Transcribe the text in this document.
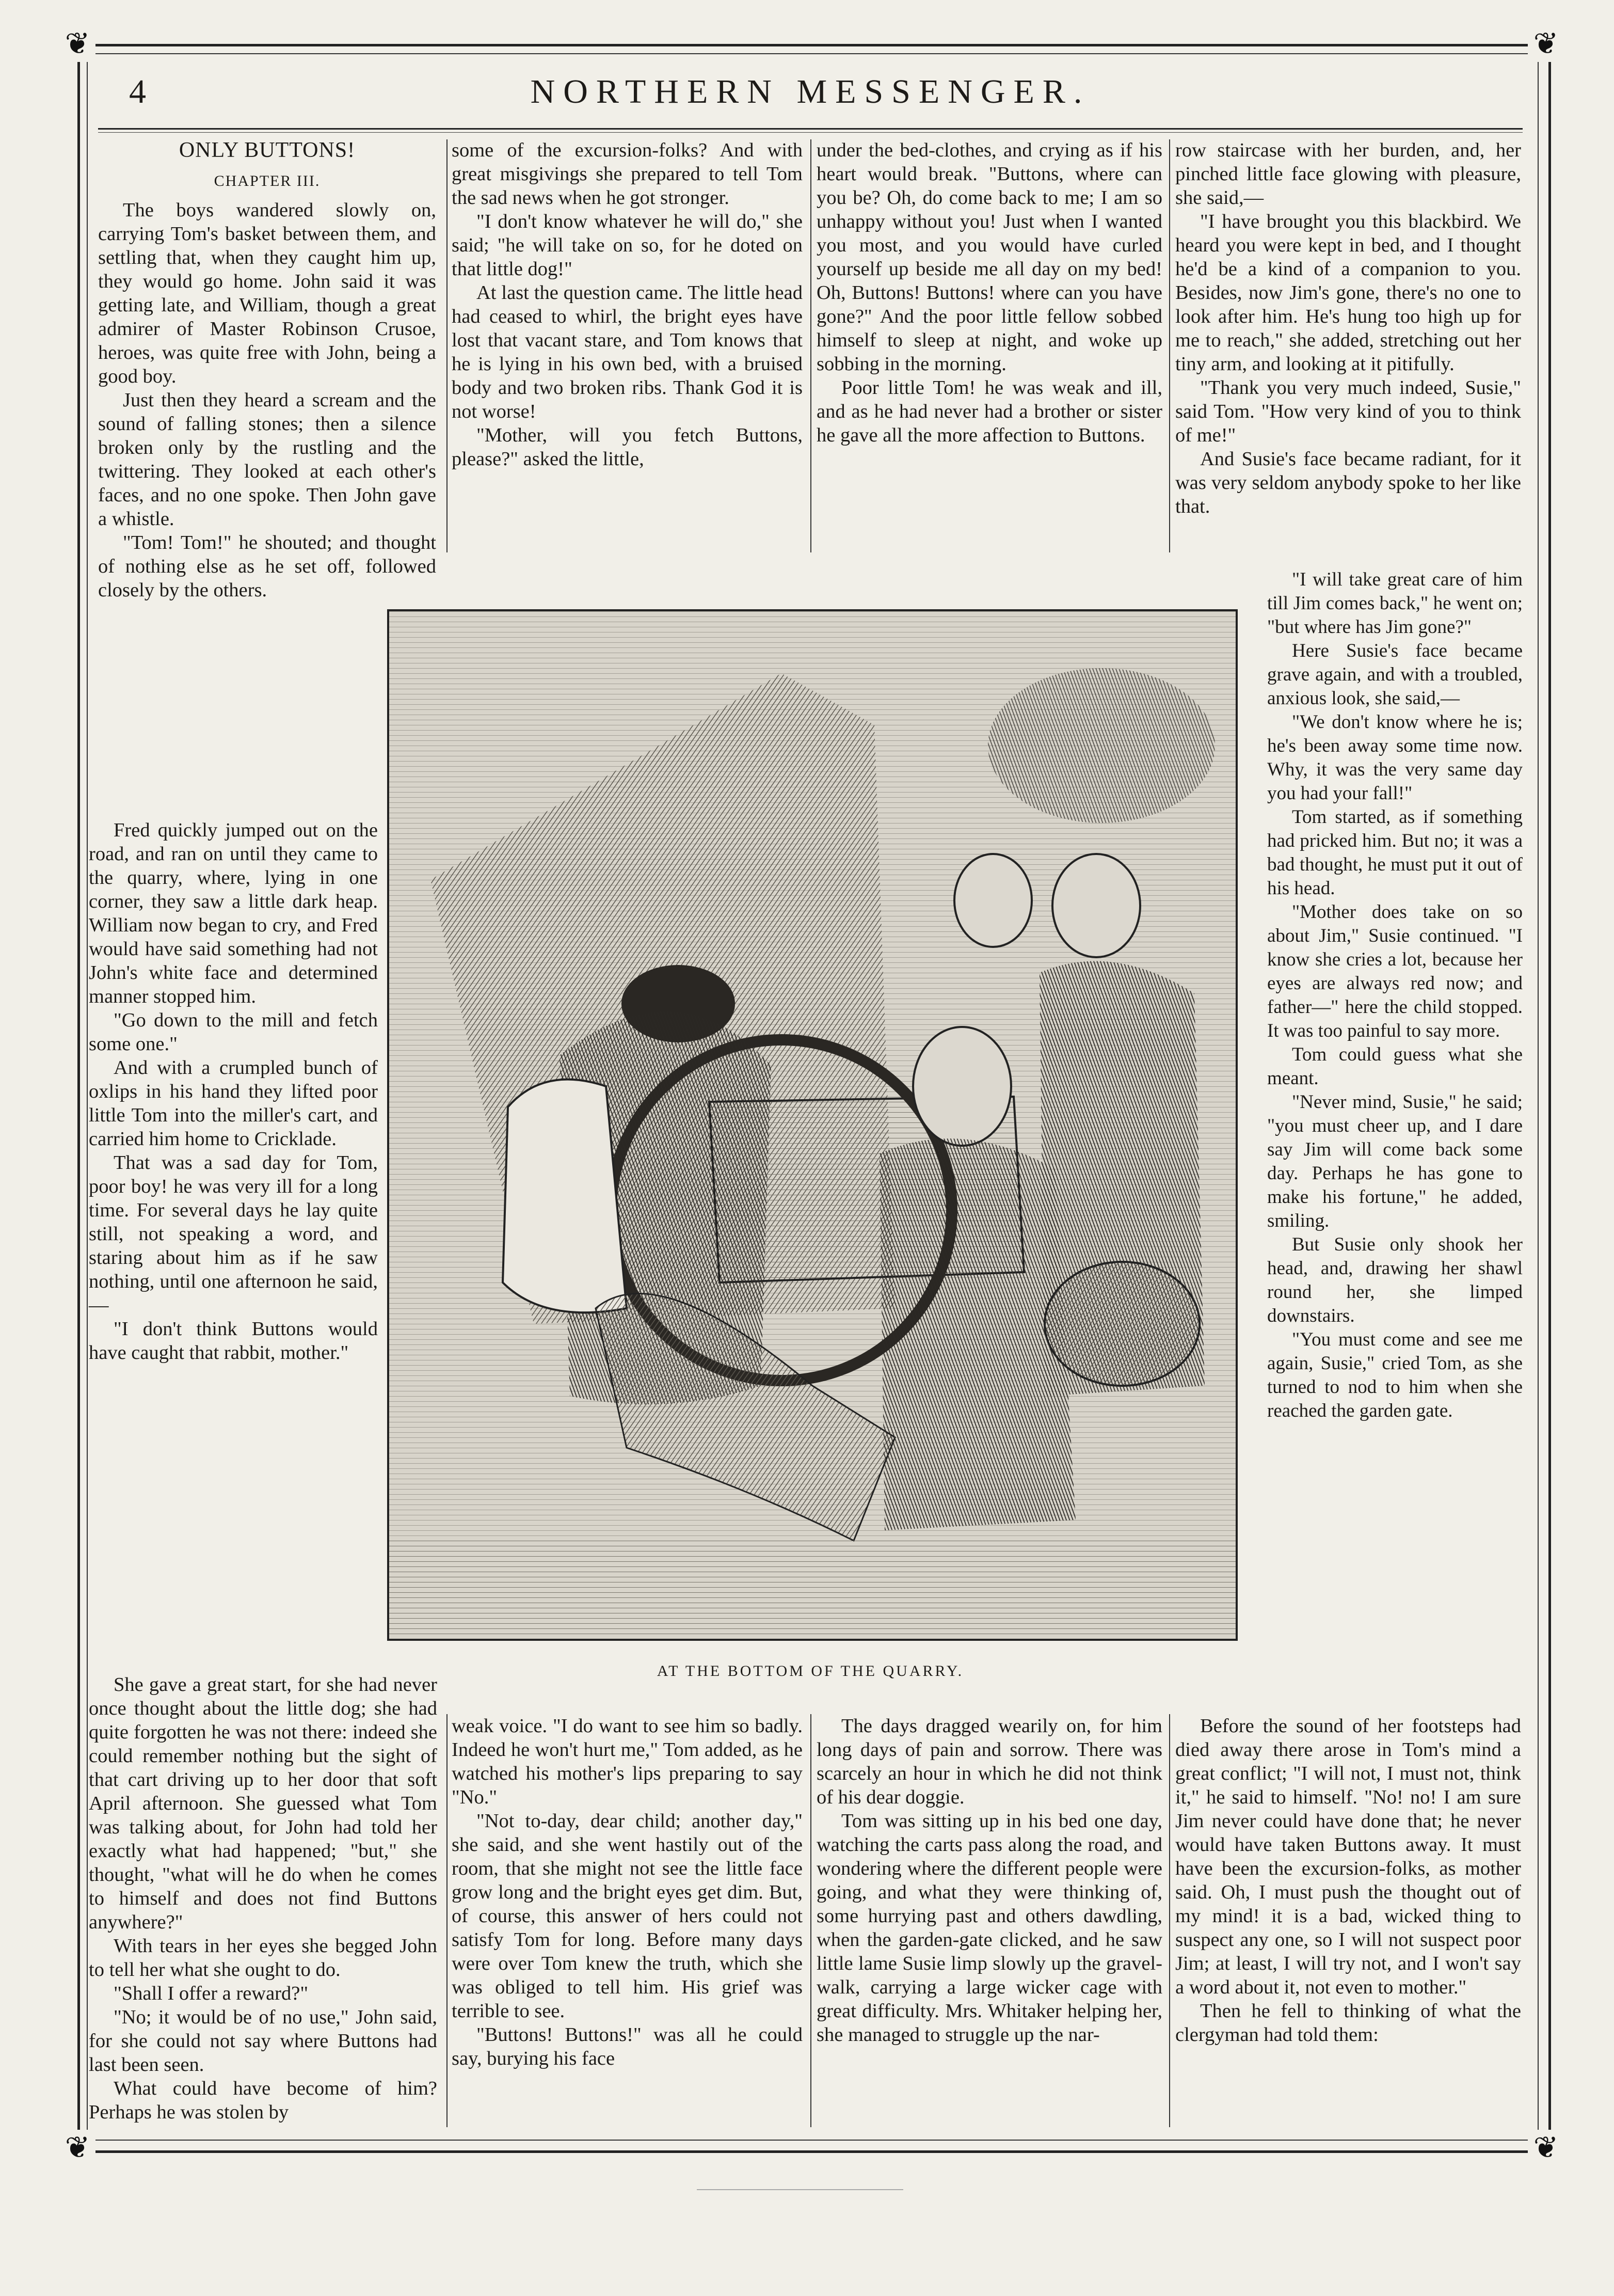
❦	❦
❦	❦
4	NORTHERN MESSENGER.

ONLY BUTTONS!

CHAPTER III.

The boys wandered slowly on, carrying Tom's basket between them, and settling that, when they caught him up, they would go home. John said it was getting late, and William, though a great admirer of Master Robinson Crusoe, heroes, was quite free with John, being a good boy.

Just then they heard a scream and the sound of falling stones; then a silence broken only by the rustling and the twittering. They looked at each other's faces, and no one spoke. Then John gave a whistle.

"Tom! Tom!" he shouted; and thought of nothing else as he set off, followed closely by the others.

Fred quickly jumped out on the road, and ran on until they came to the quarry, where, lying in one corner, they saw a little dark heap. William now began to cry, and Fred would have said something had not John's white face and determined manner stopped him.

"Go down to the mill and fetch some one."

And with a crumpled bunch of oxlips in his hand they lifted poor little Tom into the miller's cart, and carried him home to Cricklade.

That was a sad day for Tom, poor boy! he was very ill for a long time. For several days he lay quite still, not speaking a word, and staring about him as if he saw nothing, until one afternoon he said,—

"I don't think Buttons would have caught that rabbit, mother."

She gave a great start, for she had never once thought about the little dog; she had quite forgotten he was not there: indeed she could remember nothing but the sight of that cart driving up to her door that soft April afternoon. She guessed what Tom was talking about, for John had told her exactly what had happened; "but," she thought, "what will he do when he comes to himself and does not find Buttons anywhere?"

With tears in her eyes she begged John to tell her what she ought to do.

"Shall I offer a reward?"

"No; it would be of no use," John said, for she could not say where Buttons had last been seen.

What could have become of him? Perhaps he was stolen by

some of the excursion-folks? And with great misgivings she prepared to tell Tom the sad news when he got stronger.

"I don't know whatever he will do," she said; "he will take on so, for he doted on that little dog!"

At last the question came. The little head had ceased to whirl, the bright eyes have lost that vacant stare, and Tom knows that he is lying in his own bed, with a bruised body and two broken ribs. Thank God it is not worse!

"Mother, will you fetch Buttons, please?" asked the little,

under the bed-clothes, and crying as if his heart would break. "Buttons, where can you be? Oh, do come back to me; I am so unhappy without you! Just when I wanted you most, and you would have curled yourself up beside me all day on my bed! Oh, Buttons! Buttons! where can you have gone?" And the poor little fellow sobbed himself to sleep at night, and woke up sobbing in the morning.

Poor little Tom! he was weak and ill, and as he had never had a brother or sister he gave all the more affection to Buttons.

row staircase with her burden, and, her pinched little face glowing with pleasure, she said,—

"I have brought you this blackbird. We heard you were kept in bed, and I thought he'd be a kind of a companion to you. Besides, now Jim's gone, there's no one to look after him. He's hung too high up for me to reach," she added, stretching out her tiny arm, and looking at it pitifully.

"Thank you very much indeed, Susie," said Tom. "How very kind of you to think of me!"

And Susie's face became radiant, for it was very seldom anybody spoke to her like that.

"I will take great care of him till Jim comes back," he went on; "but where has Jim gone?"

Here Susie's face became grave again, and with a troubled, anxious look, she said,—

"We don't know where he is; he's been away some time now. Why, it was the very same day you had your fall!"

Tom started, as if something had pricked him. But no; it was a bad thought, he must put it out of his head.

"Mother does take on so about Jim," Susie continued. "I know she cries a lot, because her eyes are always red now; and father—" here the child stopped. It was too painful to say more.

Tom could guess what she meant.

"Never mind, Susie," he said; "you must cheer up, and I dare say Jim will come back some day. Perhaps he has gone to make his fortune," he added, smiling.

But Susie only shook her head, and, drawing her shawl round her, she limped downstairs.

"You must come and see me again, Susie," cried Tom, as she turned to nod to him when she reached the garden gate.

AT THE BOTTOM OF THE QUARRY.

weak voice. "I do want to see him so badly. Indeed he won't hurt me," Tom added, as he watched his mother's lips preparing to say "No."

"Not to-day, dear child; another day," she said, and she went hastily out of the room, that she might not see the little face grow long and the bright eyes get dim. But, of course, this answer of hers could not satisfy Tom for long. Before many days were over Tom knew the truth, which she was obliged to tell him. His grief was terrible to see.

"Buttons! Buttons!" was all he could say, burying his face

The days dragged wearily on, for him long days of pain and sorrow. There was scarcely an hour in which he did not think of his dear doggie.

Tom was sitting up in his bed one day, watching the carts pass along the road, and wondering where the different people were going, and what they were thinking of, some hurrying past and others dawdling, when the garden-gate clicked, and he saw little lame Susie limp slowly up the gravel-walk, carrying a large wicker cage with great difficulty. Mrs. Whitaker helping her, she managed to struggle up the nar-

Before the sound of her footsteps had died away there arose in Tom's mind a great conflict; "I will not, I must not, think it," he said to himself. "No! no! I am sure Jim never could have done that; he never would have taken Buttons away. It must have been the excursion-folks, as mother said. Oh, I must push the thought out of my mind! it is a bad, wicked thing to suspect any one, so I will not suspect poor Jim; at least, I will try not, and I won't say a word about it, not even to mother."

Then he fell to thinking of what the clergyman had told them:
